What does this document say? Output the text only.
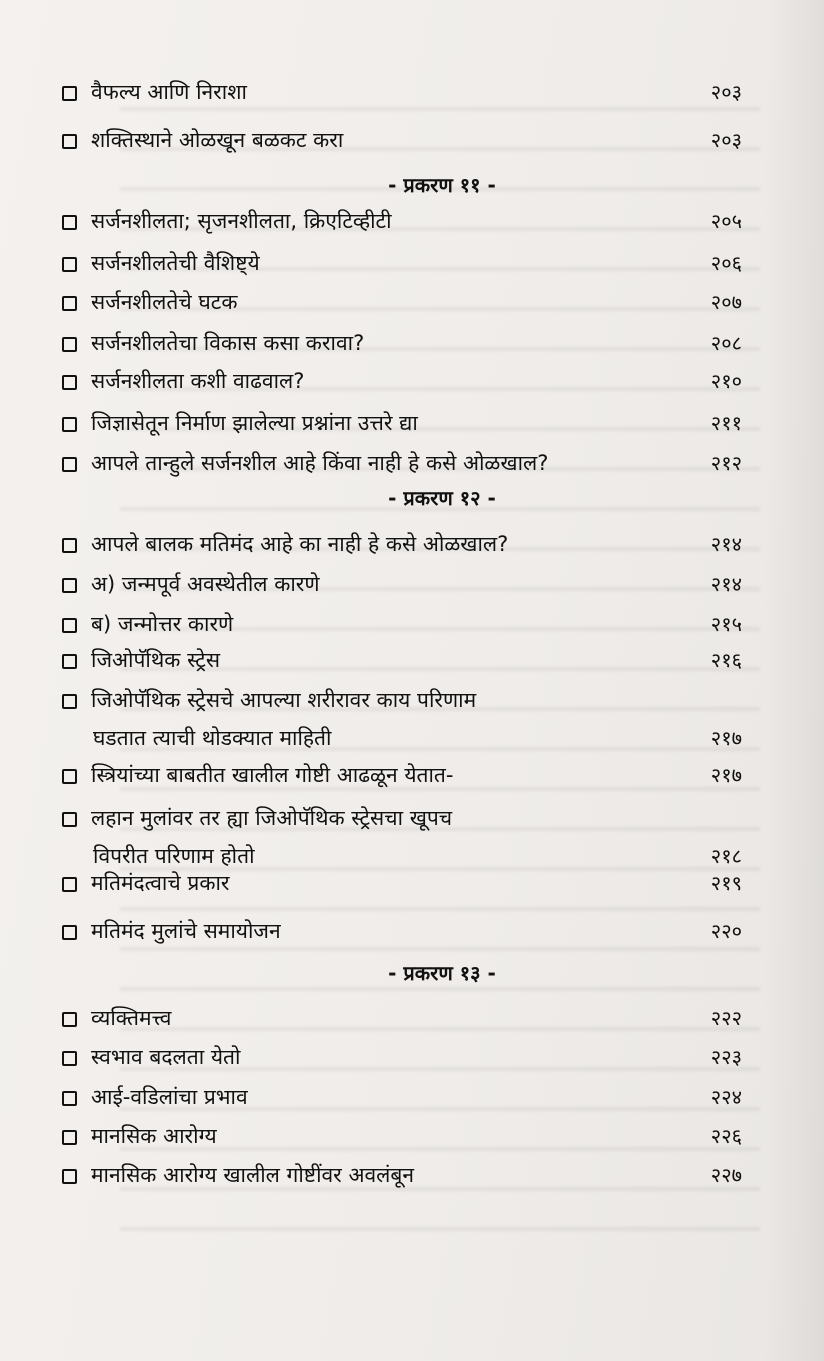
वैफल्य आणि निराशा	२०३
शक्तिस्थाने ओळखून बळकट करा	२०३
- प्रकरण ११ -
सर्जनशीलता; सृजनशीलता, क्रिएटिव्हीटी	२०५
सर्जनशीलतेची वैशिष्ट्ये	२०६
सर्जनशीलतेचे घटक	२०७
सर्जनशीलतेचा विकास कसा करावा?	२०८
सर्जनशीलता कशी वाढवाल?	२१०
जिज्ञासेतून निर्माण झालेल्या प्रश्नांना उत्तरे द्या	२११
आपले तान्हुले सर्जनशील आहे किंवा नाही हे कसे ओळखाल?	२१२
- प्रकरण १२ -
आपले बालक मतिमंद आहे का नाही हे कसे ओळखाल?	२१४
अ) जन्मपूर्व अवस्थेतील कारणे	२१४
ब) जन्मोत्तर कारणे	२१५
जिओपॅथिक स्ट्रेस	२१६
जिओपॅथिक स्ट्रेसचे आपल्या शरीरावर काय परिणाम
घडतात त्याची थोडक्यात माहिती	२१७
स्त्रियांच्या बाबतीत खालील गोष्टी आढळून येतात-	२१७
लहान मुलांवर तर ह्या जिओपॅथिक स्ट्रेसचा खूपच
विपरीत परिणाम होतो	२१८
मतिमंदत्वाचे प्रकार	२१९
मतिमंद मुलांचे समायोजन	२२०
- प्रकरण १३ -
व्यक्तिमत्त्व	२२२
स्वभाव बदलता येतो	२२३
आई-वडिलांचा प्रभाव	२२४
मानसिक आरोग्य	२२६
मानसिक आरोग्य खालील गोष्टींवर अवलंबून	२२७
